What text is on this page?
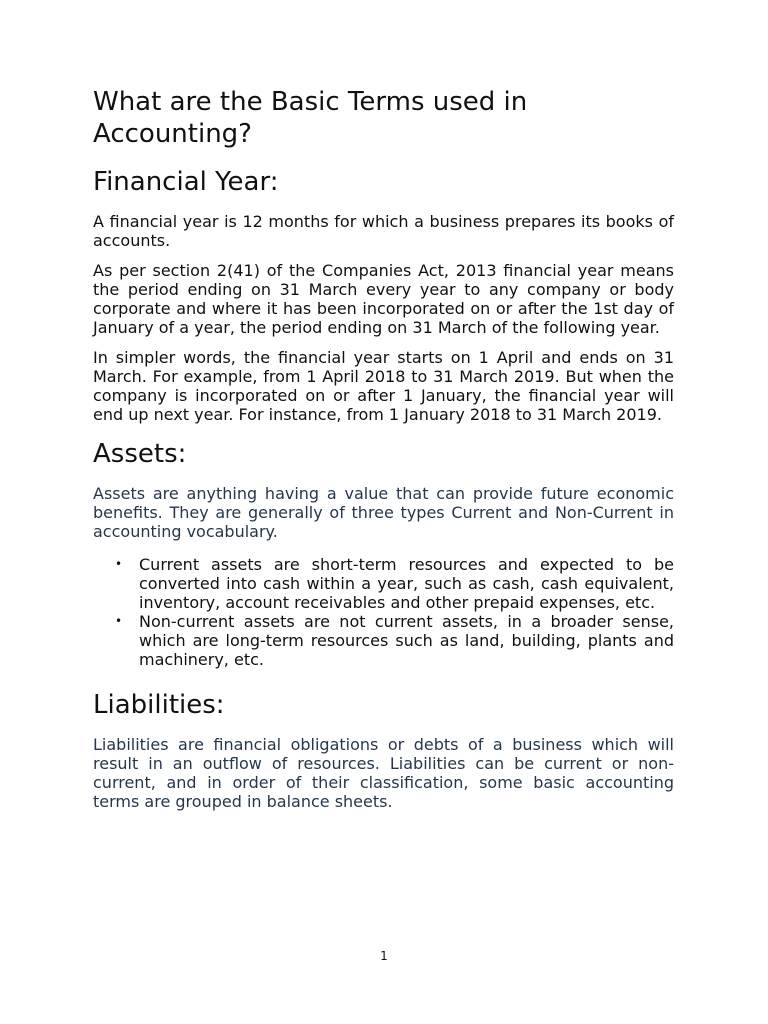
What are the Basic Terms used in Accounting?
Financial Year:

A financial year is 12 months for which a business prepares its books of accounts.

As per section 2(41) of the Companies Act, 2013 financial year means the period ending on 31 March every year to any company or body corporate and where it has been incorporated on or after the 1st day of January of a year, the period ending on 31 March of the following year.

In simpler words, the financial year starts on 1 April and ends on 31 March. For example, from 1 April 2018 to 31 March 2019. But when the company is incorporated on or after 1 January, the financial year will end up next year. For instance, from 1 January 2018 to 31 March 2019.

Assets:

Assets are anything having a value that can provide future economic benefits. They are generally of three types Current and Non-Current in accounting vocabulary.

• Current assets are short-term resources and expected to be converted into cash within a year, such as cash, cash equivalent, inventory, account receivables and other prepaid expenses, etc.
• Non-current assets are not current assets, in a broader sense, which are long-term resources such as land, building, plants and machinery, etc.
Liabilities:

Liabilities are financial obligations or debts of a business which will result in an outflow of resources. Liabilities can be current or non-current, and in order of their classification, some basic accounting terms are grouped in balance sheets.

1
